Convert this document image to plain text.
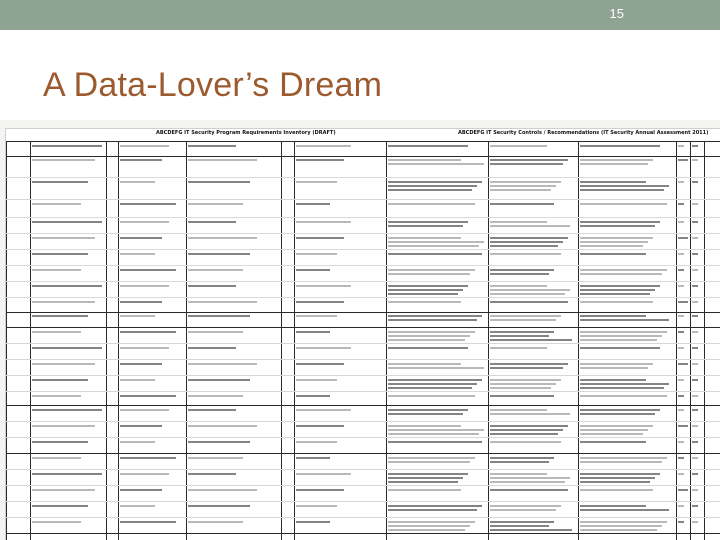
15
A Data-Lover’s Dream
ABCDEFG IT Security Program Requirements Inventory (DRAFT)	ABCDEFG IT Security Controls / Recommendations (IT Security Annual Assessment 2011)
